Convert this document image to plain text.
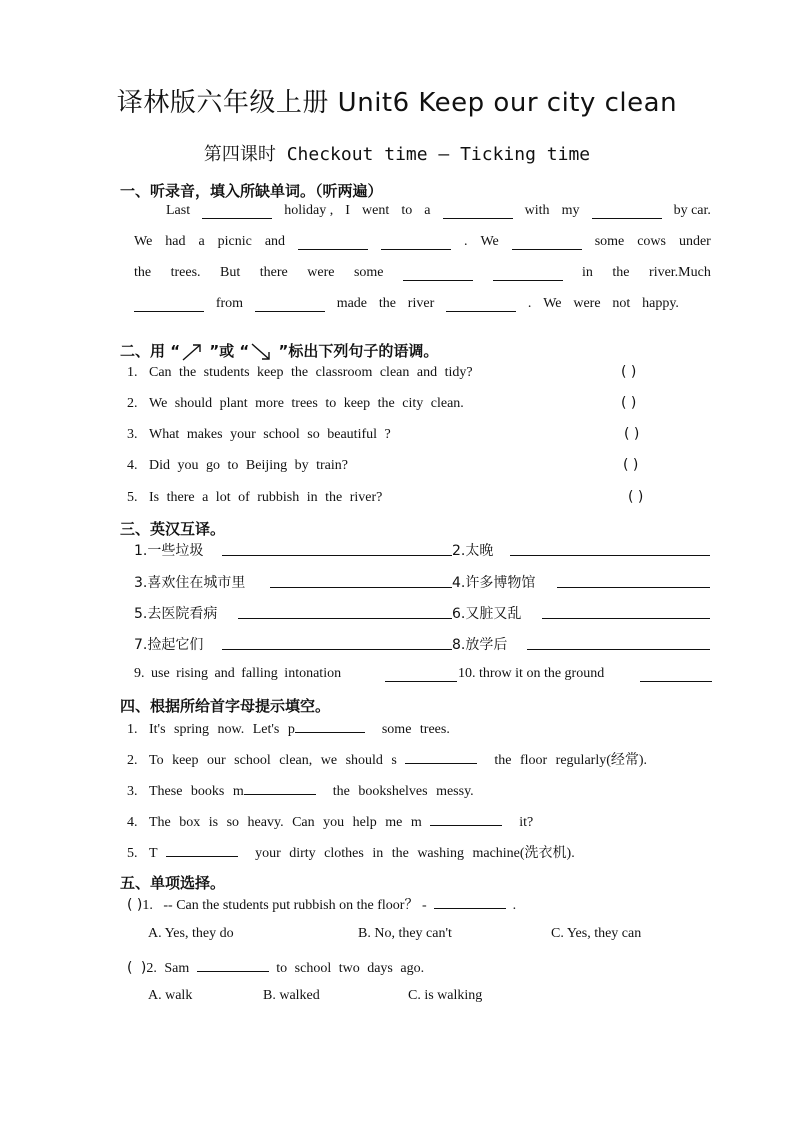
译林版六年级上册 Unit6 Keep our city clean
第四课时 Checkout time – Ticking time
一、听录音，填入所缺单词。（听两遍）
Last	holiday , I went to a	with my	by car.
We had a picnic and	. We	some cows under
the trees. But there were some	in the river.Much
from	made the river	. We were not happy.
二、用 “ ”或 “ ”标出下列句子的语调。
1. Can the students keep the classroom clean and tidy?	( )
2. We should plant more trees to keep the city clean.	( )
3. What makes your school so beautiful ?	( )
4. Did you go to Beijing by train?	( )
5. Is there a lot of rubbish in the river?	( )
三、英汉互译。
1.一些垃圾	2.太晚
3.喜欢住在城市里	4.许多博物馆
5.去医院看病	6.又脏又乱
7.捡起它们	8.放学后
9. use rising and falling intonation	10. throw it on the ground
四、根据所给首字母提示填空。
1. It's spring now. Let's p	some trees.
2. To keep our school clean, we should s	the floor regularly(经常).
3. These books m	the bookshelves messy.
4. The box is so heavy. Can you help me m	it?
5. T	your dirty clothes in the washing machine(洗衣机).
五、单项选择。
( )1. -- Can the students put rubbish on the floor？ -	.
A. Yes, they do	B. No, they can't	C. Yes, they can
( )2. Sam	to school two days ago.
A. walk	B. walked	C. is walking
